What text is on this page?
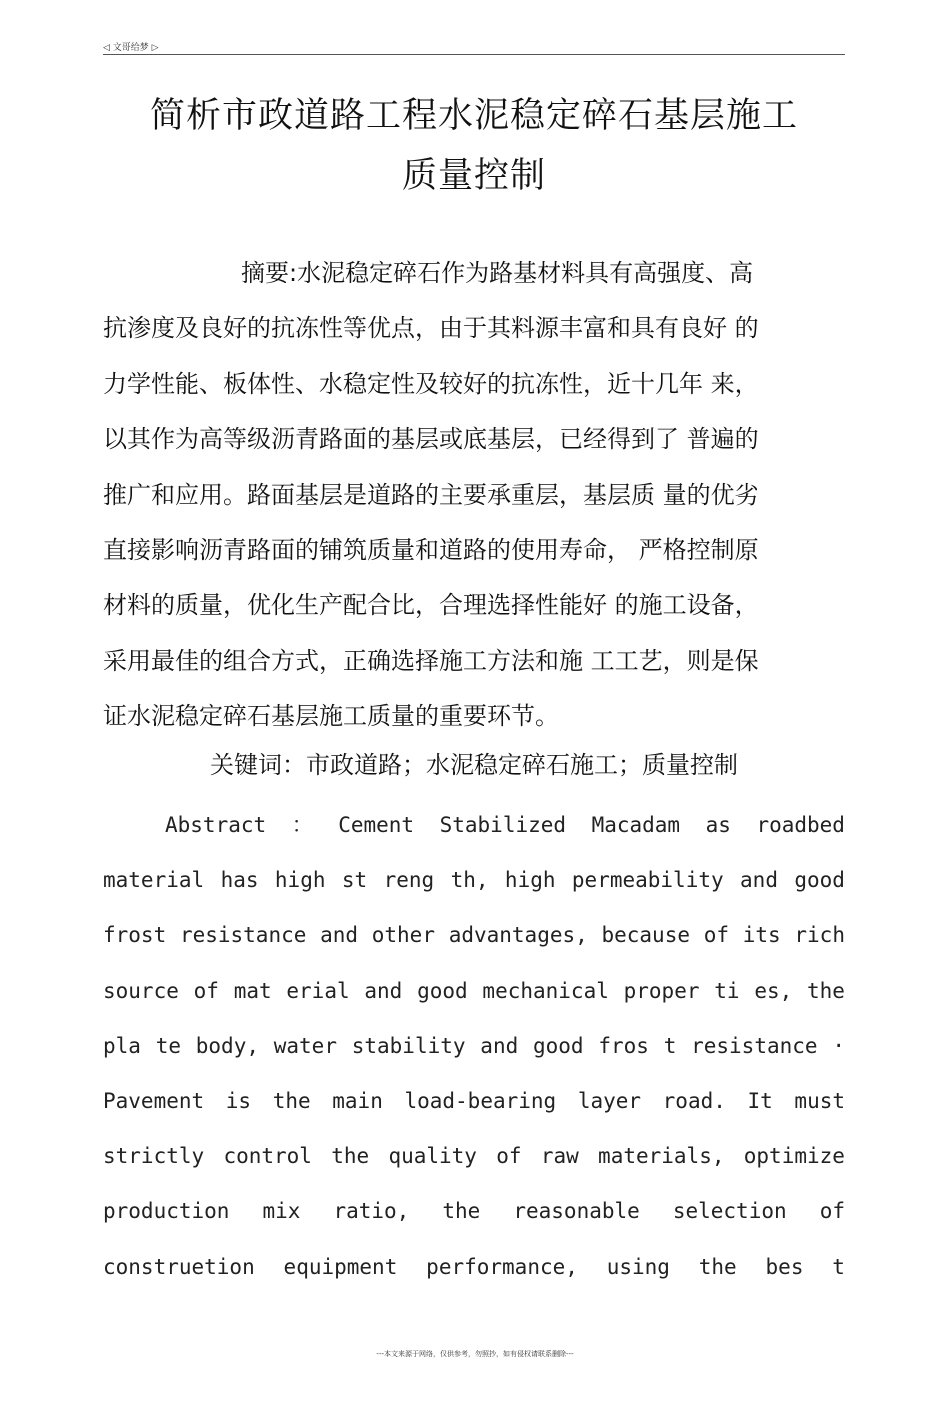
◁ 文哥给梦 ▷
简析市政道路工程水泥稳定碎石基层施工
质量控制
摘要:水泥稳定碎石作为路基材料具有高强度、高
抗渗度及良好的抗冻性等优点，由于其料源丰富和具有良好 的
力学性能、板体性、水稳定性及较好的抗冻性，近十几年 来，
以其作为高等级沥青路面的基层或底基层，已经得到了 普遍的
推广和应用。路面基层是道路的主要承重层，基层质 量的优劣
直接影响沥青路面的铺筑质量和道路的使用寿命， 严格控制原
材料的质量，优化生产配合比，合理选择性能好 的施工设备，
采用最佳的组合方式，正确选择施工方法和施 工工艺，则是保
证水泥稳定碎石基层施工质量的重要环节。
关键词：市政道路；水泥稳定碎石施工；质量控制
Abstract ： Cement Stabilized Macadam as roadbed
material has high st reng th, high permeability and good
frost resistance and other advantages, because of its rich
source of mat erial and good mechanical proper ti es, the
pla te body, water stability and good fros t resistance ·
Pavement is the main load-bearing layer road. It must
strictly control the quality of raw materials, optimize
production mix ratio, the reasonable selection of
construetion equipment performance, using the bes t
---本文来源于网络，仅供参考，勿照抄，如有侵权请联系删除---
